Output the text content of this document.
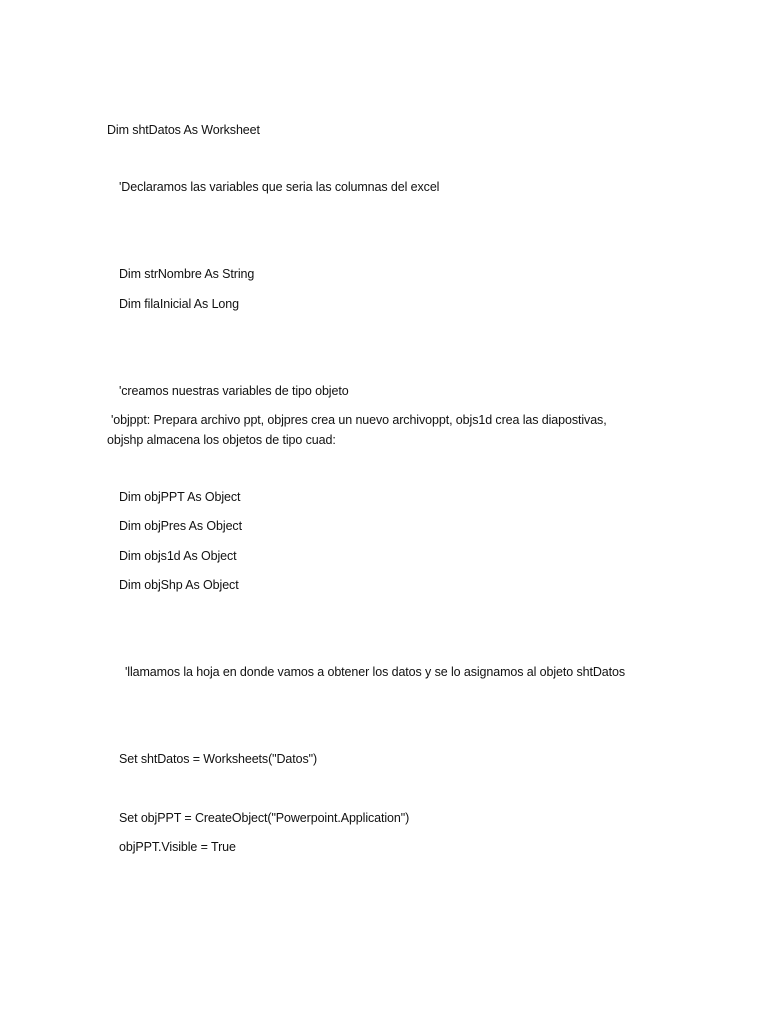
Dim shtDatos As Worksheet
'Declaramos las variables que seria las columnas del excel
Dim strNombre As String
Dim filaInicial As Long
'creamos nuestras variables de tipo objeto

'objppt: Prepara archivo ppt, objpres crea un nuevo archivoppt, objs1d crea las diapostivas,

objshp almacena los objetos de tipo cuad:

Dim objPPT As Object
Dim objPres As Object
Dim objs1d As Object
Dim objShp As Object
'llamamos la hoja en donde vamos a obtener los datos y se lo asignamos al objeto shtDatos
Set shtDatos = Worksheets("Datos")
Set objPPT = CreateObject("Powerpoint.Application")
objPPT.Visible = True
